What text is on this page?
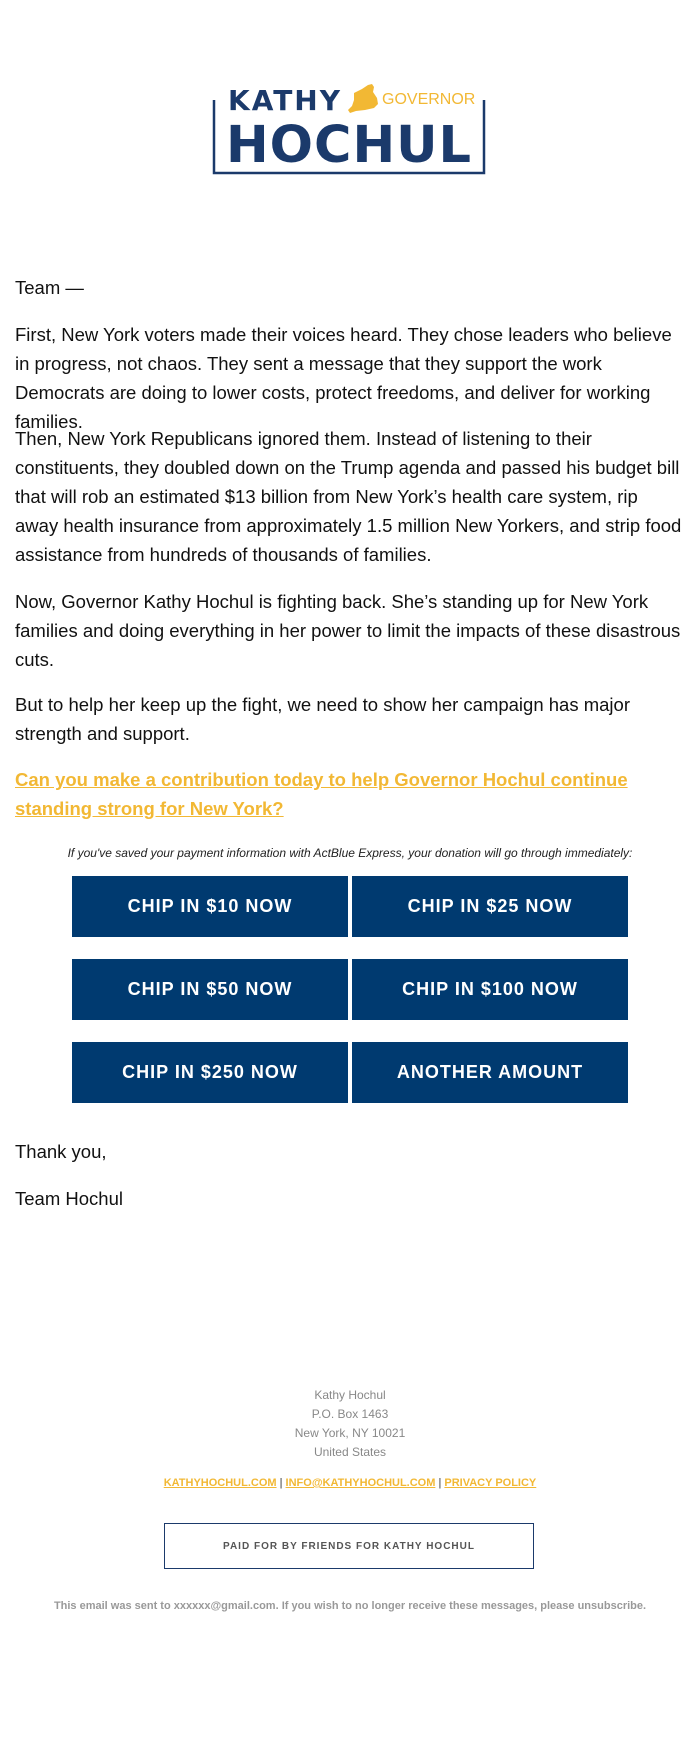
KATHY GOVERNOR
HOCHUL

Team —

First, New York voters made their voices heard. They chose leaders who believe in progress, not chaos. They sent a message that they support the work Democrats are doing to lower costs, protect freedoms, and deliver for working families.

Then, New York Republicans ignored them. Instead of listening to their constituents, they doubled down on the Trump agenda and passed his budget bill that will rob an estimated $13 billion from New York’s health care system, rip away health insurance from approximately 1.5 million New Yorkers, and strip food assistance from hundreds of thousands of families.

Now, Governor Kathy Hochul is fighting back. She’s standing up for New York families and doing everything in her power to limit the impacts of these disastrous cuts.

But to help her keep up the fight, we need to show her campaign has major strength and support.

Can you make a contribution today to help Governor Hochul continue standing strong for New York?

If you've saved your payment information with ActBlue Express, your donation will go through immediately:
CHIP IN $10 NOW	CHIP IN $25 NOW
CHIP IN $50 NOW	CHIP IN $100 NOW
CHIP IN $250 NOW	ANOTHER AMOUNT

Thank you,

Team Hochul

Kathy Hochul
P.O. Box 1463
New York, NY 10021
United States
KATHYHOCHUL.COM | INFO@KATHYHOCHUL.COM | PRIVACY POLICY
PAID FOR BY FRIENDS FOR KATHY HOCHUL
This email was sent to xxxxxx@gmail.com. If you wish to no longer receive these messages, please unsubscribe.
